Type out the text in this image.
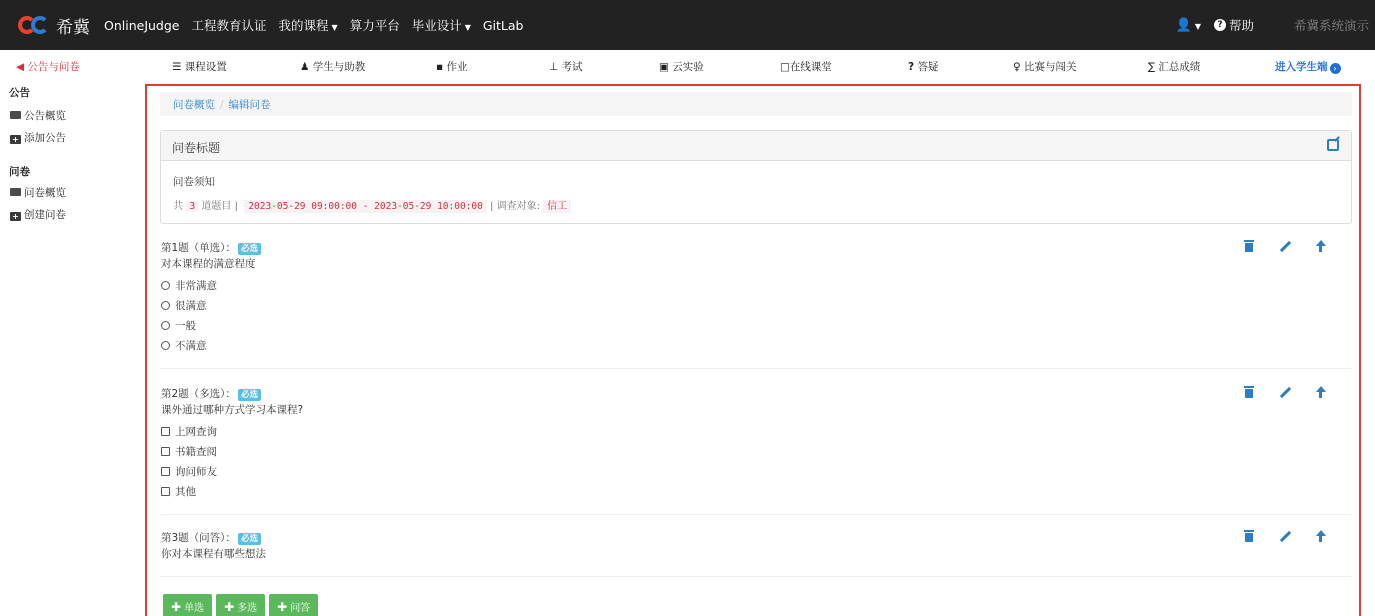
希冀 OnlineJudge 工程教育认证 我的课程 ▼ 算力平台 毕业设计 ▼ GitLab	👤 ▼	? 帮助	希冀系统演示
◀ 公告与问卷	☰ 课程设置	♟ 学生与助教	▪ 作业	⊥ 考试	▣ 云实验	□在线课堂	? 答疑	♀ 比赛与闯关	∑ 汇总成绩	进入学生端 ›
公告
公告概览
+ 添加公告
问卷
问卷概览
+ 创建问卷
问卷概览 / 编辑问卷
问卷标题
问卷须知
共 3 道题目 | 2023-05-29 09:00:00 - 2023-05-29 10:00:00 | 调查对象: 信工
第1题（单选）： 必选
对本课程的满意程度
非常满意
很满意
一般
不满意
第2题（多选）： 必选
课外通过哪种方式学习本课程?
上网查询
书籍查阅
询问师友
其他
第3题（问答）： 必选
你对本课程有哪些想法
✚ 单选	✚ 多选	✚ 问答
